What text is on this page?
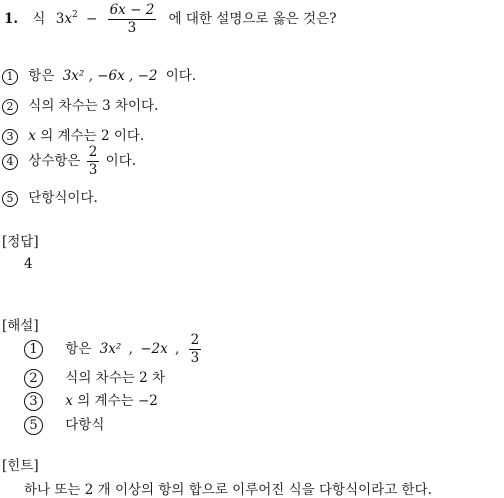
1. 식 $3x^2 - \frac{6x - 2}{3}$ 에 대한 설명으로 옳은 것은?
1 항은 3x² , −6x , −2 이다.
2 식의 차수는 3 차이다.
3 x 의 계수는 2 이다.
4 상수항은 $\frac{2}{3}$ 이다.
5 단항식이다.
[정답]
4
[해설]
1 항은 3x² , −2x , $\frac{2}{3}$
2 식의 차수는 2 차
3 x 의 계수는 −2
5 다항식
[힌트]
하나 또는 2 개 이상의 항의 합으로 이루어진 식을 다항식이라고 한다.
